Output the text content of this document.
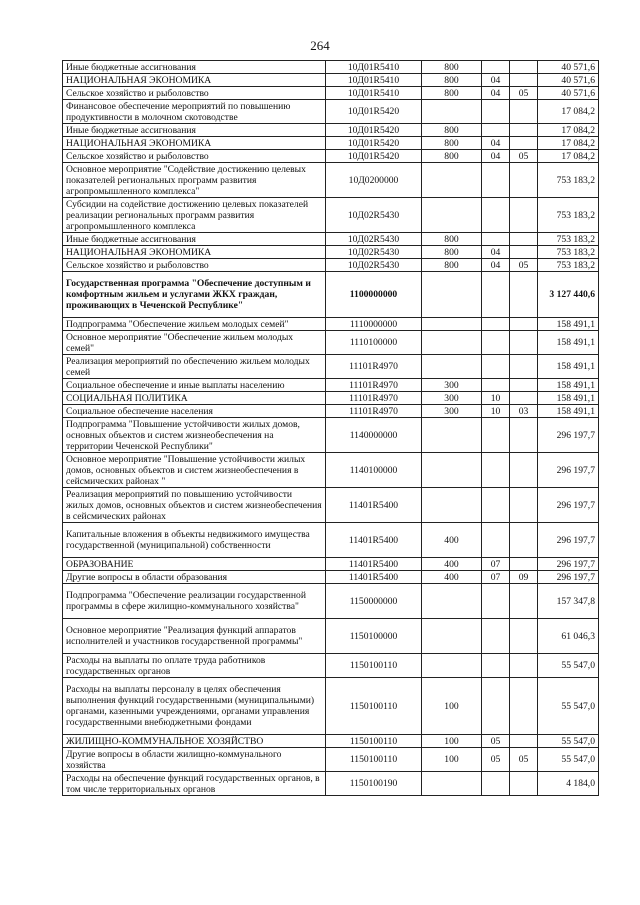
264
Иные бюджетные ассигнования	10Д01R5410	800			40 571,6
НАЦИОНАЛЬНАЯ ЭКОНОМИКА	10Д01R5410	800	04		40 571,6
Сельское хозяйство и рыболовство	10Д01R5410	800	04	05	40 571,6
Финансовое обеспечение мероприятий по повышению продуктивности в молочном скотоводстве	10Д01R5420				17 084,2
Иные бюджетные ассигнования	10Д01R5420	800			17 084,2
НАЦИОНАЛЬНАЯ ЭКОНОМИКА	10Д01R5420	800	04		17 084,2
Сельское хозяйство и рыболовство	10Д01R5420	800	04	05	17 084,2
Основное мероприятие "Содействие достижению целевых показателей региональных программ развития агропромышленного комплекса"	10Д0200000				753 183,2
Субсидии на содействие достижению целевых показателей реализации региональных программ развития агропромышленного комплекса	10Д02R5430				753 183,2
Иные бюджетные ассигнования	10Д02R5430	800			753 183,2
НАЦИОНАЛЬНАЯ ЭКОНОМИКА	10Д02R5430	800	04		753 183,2
Сельское хозяйство и рыболовство	10Д02R5430	800	04	05	753 183,2
Государственная программа "Обеспечение доступным и комфортным жильем и услугами ЖКХ граждан, проживающих в Чеченской Республике"	1100000000				3 127 440,6
Подпрограмма "Обеспечение жильем молодых семей"	1110000000				158 491,1
Основное мероприятие "Обеспечение жильем молодых семей"	1110100000				158 491,1
Реализация мероприятий по обеспечению жильем молодых семей	11101R4970				158 491,1
Социальное обеспечение и иные выплаты населению	11101R4970	300			158 491,1
СОЦИАЛЬНАЯ ПОЛИТИКА	11101R4970	300	10		158 491,1
Социальное обеспечение населения	11101R4970	300	10	03	158 491,1
Подпрограмма "Повышение устойчивости жилых домов, основных объектов и систем жизнеобеспечения на территории Чеченской Республики"	1140000000				296 197,7
Основное мероприятие "Повышение устойчивости жилых домов, основных объектов и систем жизнеобеспечения в сейсмических районах "	1140100000				296 197,7
Реализация мероприятий по повышению устойчивости жилых домов, основных объектов и систем жизнеобеспечения в сейсмических районах	11401R5400				296 197,7
Капитальные вложения в объекты недвижимого имущества государственной (муниципальной) собственности	11401R5400	400			296 197,7
ОБРАЗОВАНИЕ	11401R5400	400	07		296 197,7
Другие вопросы в области образования	11401R5400	400	07	09	296 197,7
Подпрограмма "Обеспечение реализации государственной программы в сфере жилищно-коммунального хозяйства"	1150000000				157 347,8
Основное мероприятие "Реализация функций аппаратов исполнителей и участников государственной программы"	1150100000				61 046,3
Расходы на выплаты по оплате труда работников государственных органов	1150100110				55 547,0
Расходы на выплаты персоналу в целях обеспечения выполнения функций государственными (муниципальными) органами, казенными учреждениями, органами управления государственными внебюджетными фондами	1150100110	100			55 547,0
ЖИЛИЩНО-КОММУНАЛЬНОЕ ХОЗЯЙСТВО	1150100110	100	05		55 547,0
Другие вопросы в области жилищно-коммунального хозяйства	1150100110	100	05	05	55 547,0
Расходы на обеспечение функций государственных органов, в том числе территориальных органов	1150100190				4 184,0
